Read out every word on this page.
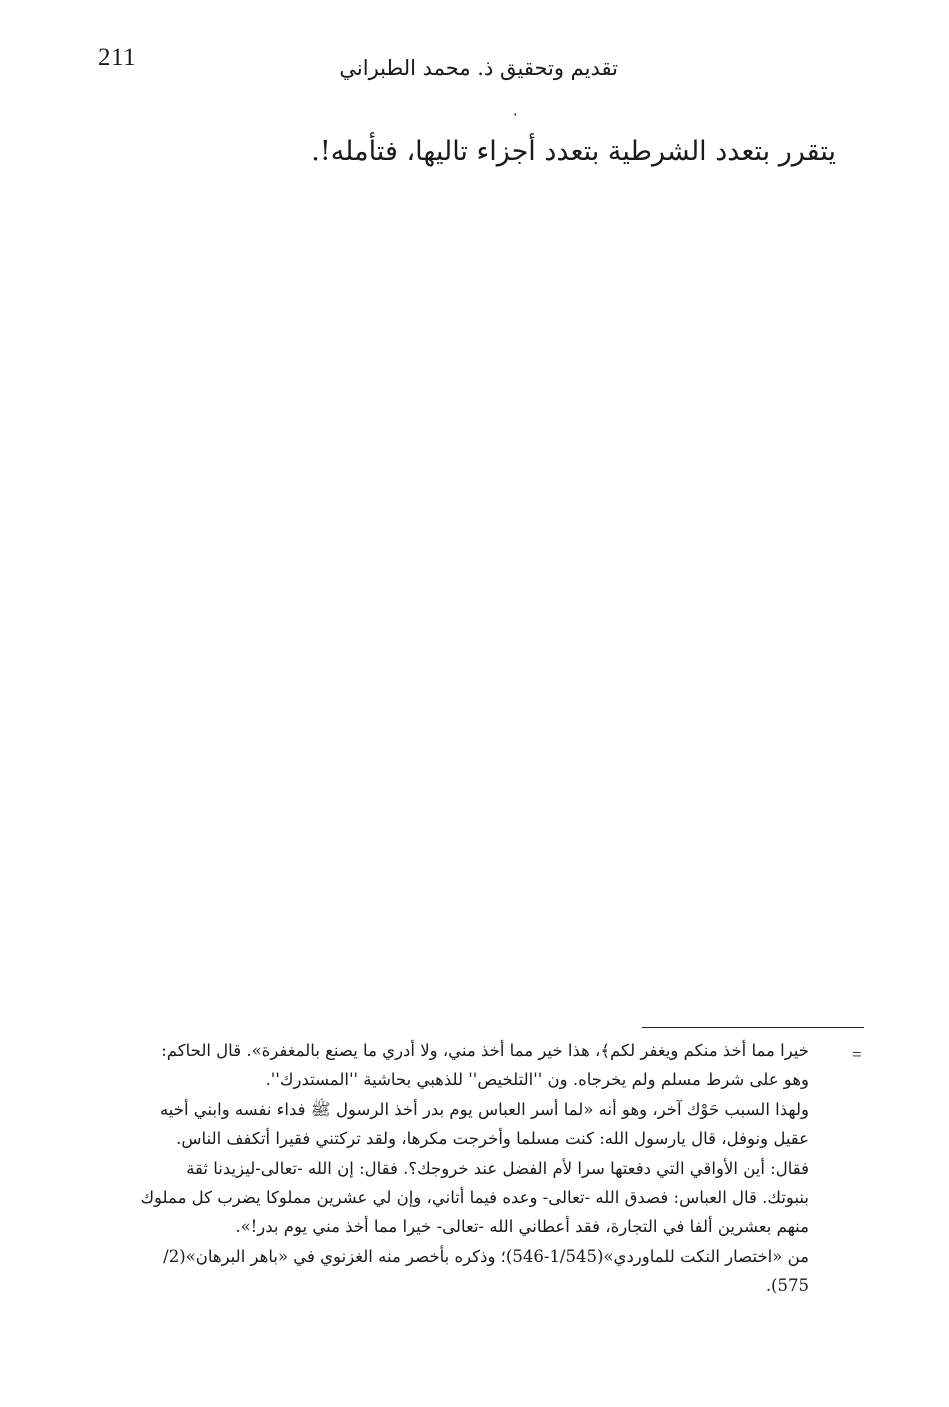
211	تقديم وتحقيق ذ. محمد الطبراني
٠
يتقرر بتعدد الشرطية بتعدد أجزاء تاليها، فتأمله!.
=
خيرا مما أخذ منكم ويغفر لكم﴾، هذا خير مما أخذ مني، ولا أدري ما يصنع بالمغفرة». قال الحاكم:
وهو على شرط مسلم ولم يخرجاه. ون ''التلخيص'' للذهبي بحاشية ''المستدرك''.
ولهذا السبب حَوْك آخر، وهو أنه «لما أسر العباس يوم بدر أخذ الرسول ﷺ فداء نفسه وابني أخيه
عقيل ونوفل، قال يارسول الله: كنت مسلما وأخرجت مكرها، ولقد تركتني فقيرا أتكفف الناس.
فقال: أين الأواقي التي دفعتها سرا لأم الفضل عند خروجك؟. فقال: إن الله -تعالى-ليزيدنا ثقة
بنبوتك. قال العباس: فصدق الله -تعالى- وعده فيما أتاني، وإن لي عشرين مملوكا يضرب كل مملوك
منهم بعشرين ألفا في التجارة، فقد أعطاني الله -تعالى- خيرا مما أخذ مني يوم بدر!».
من «اختصار النكت للماوردي»(1/545-546)؛ وذكره بأخصر منه الغزنوي في «باهر البرهان»(2/
575).
